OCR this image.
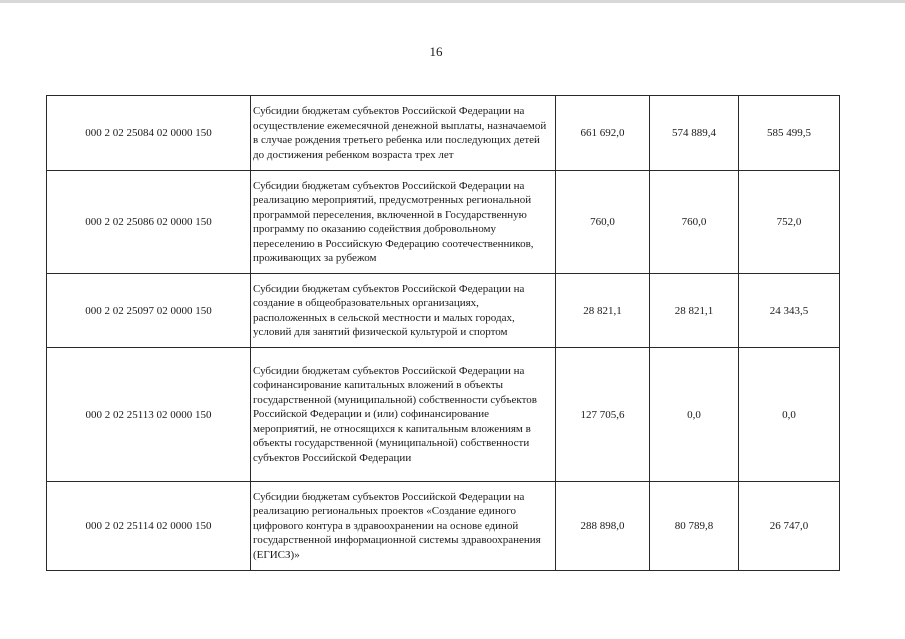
16
000 2 02 25084 02 0000 150	Субсидии бюджетам субъектов Российской Федерации на осуществление ежемесячной денежной выплаты, назначаемой в случае рождения третьего ребенка или последующих детей до достижения ребенком возраста трех лет	661 692,0	574 889,4	585 499,5
000 2 02 25086 02 0000 150	Субсидии бюджетам субъектов Российской Федерации на реализацию мероприятий, предусмотренных региональной программой переселения, включенной в Государственную программу по оказанию содействия добровольному переселению в Российскую Федерацию соотечественников, проживающих за рубежом	760,0	760,0	752,0
000 2 02 25097 02 0000 150	Субсидии бюджетам субъектов Российской Федерации на создание в общеобразовательных организациях, расположенных в сельской местности и малых городах, условий для занятий физической культурой и спортом	28 821,1	28 821,1	24 343,5
000 2 02 25113 02 0000 150	Субсидии бюджетам субъектов Российской Федерации на софинансирование капитальных вложений в объекты государственной (муниципальной) собственности субъектов Российской Федерации и (или) софинансирование мероприятий, не относящихся к капитальным вложениям в объекты государственной (муниципальной) собственности субъектов Российской Федерации	127 705,6	0,0	0,0
000 2 02 25114 02 0000 150	Субсидии бюджетам субъектов Российской Федерации на реализацию региональных проектов «Создание единого цифрового контура в здравоохранении на основе единой государственной информационной системы здравоохранения (ЕГИСЗ)»	288 898,0	80 789,8	26 747,0
